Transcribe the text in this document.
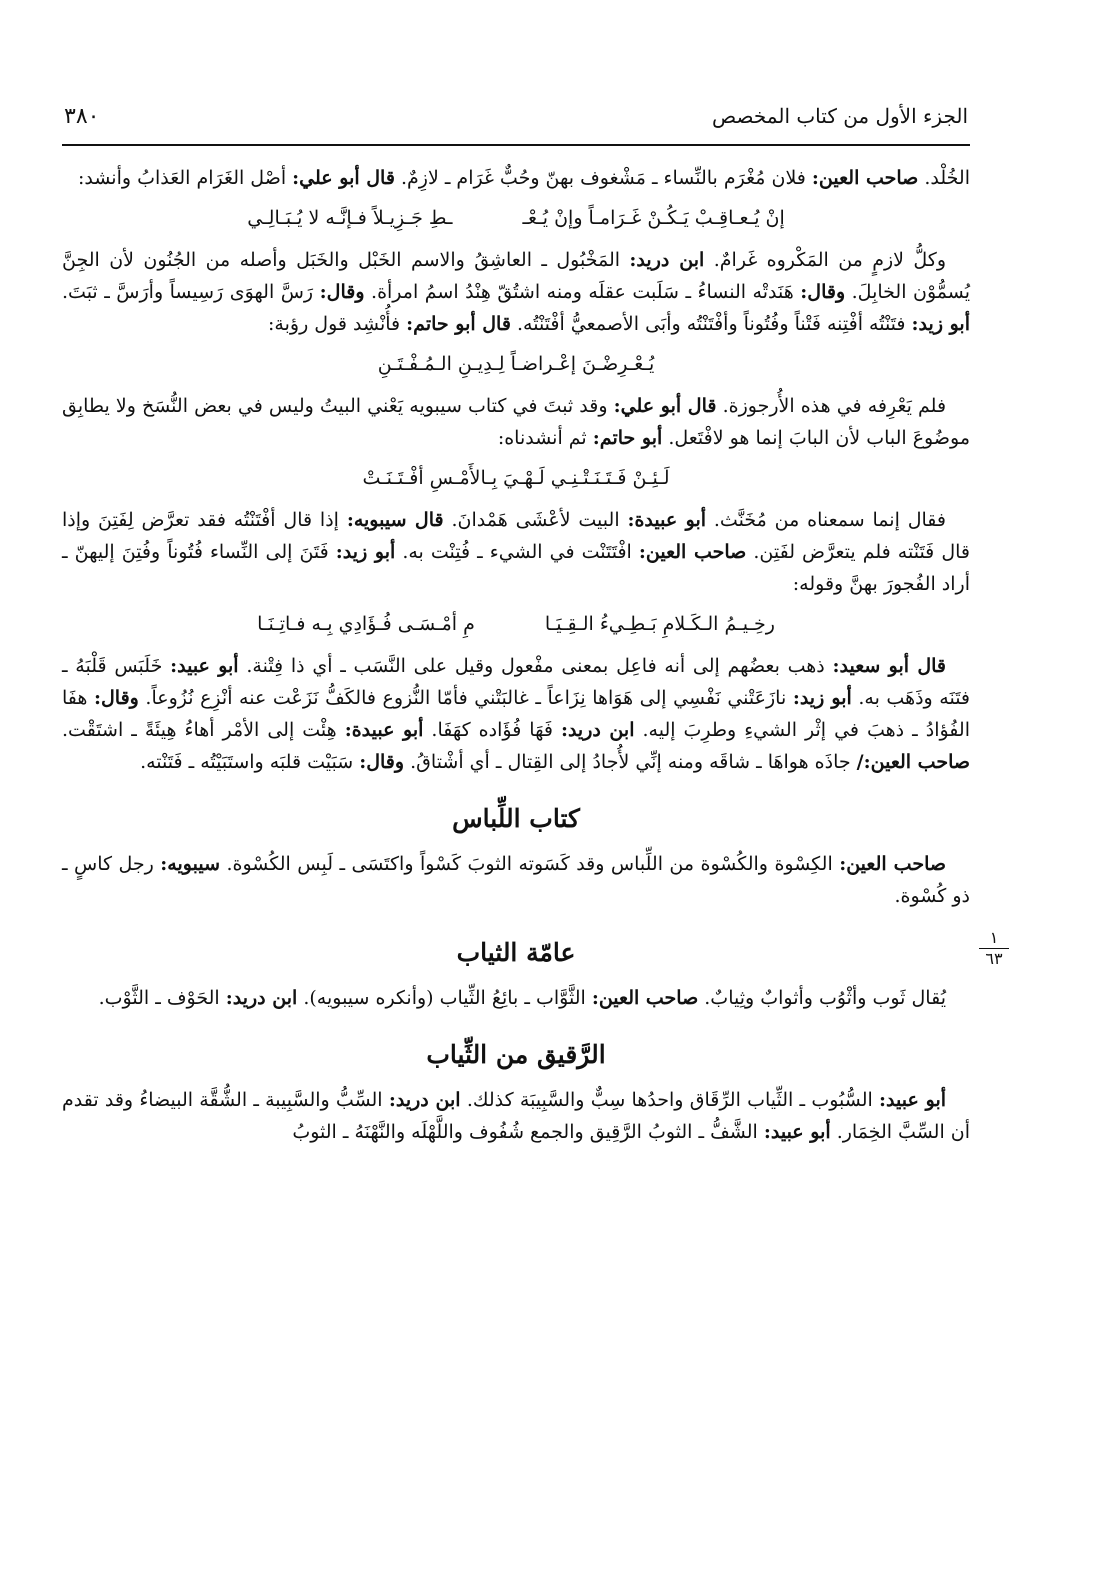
٣٨٠	الجزء الأول من كتاب المخصص
١
٦٣

الخُلْد. صاحب العين: فلان مُغْرَم بالنِّساء ـ مَشْغوف بهنّ وحُبٌّ غَرَام ـ لازِمٌ. قال أبو علي: أصْل الغَرَام العَذابُ وأنشد:

إنْ يُـعـاقِـبْ يَـكُـنْ غَـرَامـاً وإنْ يُـعْـ
ـطِ جَـزِيـلاً فـإنَّـه لا يُـبَـالِـي

وكلُّ لازمٍ من المَكْروه غَرامٌ. ابن دريد: المَخْبُول ـ العاشِقُ والاسم الخَبْل والخَبَل وأصله من الجُنُون لأن الجِنَّ يُسمُّوْن الخابِلَ. وقال: هَنَدتْه النساءُ ـ سَلَبت عقلَه ومنه اشتُقّ هِنْدُ اسمُ امرأة. وقال: رَسَّ الهوَى رَسِيساً وأرَسَّ ـ ثبَتَ. أبو زيد: فتَنْتُه أفْتِنه فَتْناً وفُتُوناً وأفْتَنْتُه وأبَى الأصمعيُّ أفْتَنْتُه. قال أبو حاتم: فأُنْشِد قول رؤبة:

يُـعْـرِضْـنَ إعْـراضـاً لِـدِيـنِ الـمُـفْـتَـنِ

فلم يَعْرِفه في هذه الأُرجوزة. قال أبو علي: وقد ثبتَ في كتاب سيبويه يَعْني البيتُ وليس في بعض النُّسَخ ولا يطابِق موضُوعَ الباب لأن البابَ إنما هو لافْتَعل. أبو حاتم: ثم أنشدناه:

لَـئِـنْ فَـتَـنَـتْـنِـي لَـهْـيَ بِـالأَمْـسِ أفْـتَـنَـتْ

فقال إنما سمعناه من مُخَنَّث. أبو عبيدة: البيت لأعْشَى هَمْدانَ. قال سيبويه: إذا قال أفْتَنْتُه فقد تعرَّض لِفَتِنَ وإذا قال فَتَنْته فلم يتعرَّض لفَتِن. صاحب العين: افْتَتَنْت في الشيء ـ فُتِنْت به. أبو زيد: فَتَنَ إلى النِّساء فُتُوناً وفُتِنَ إليهنّ ـ أراد الفُجورَ بهنَّ وقوله:

رخِـيـمُ الـكَـلامِ بَـطِـيءُ الـقِـيَـا
مِ أمْـسَـى فُـؤَادِي بِـه فـاتِـنَـا

قال أبو سعيد: ذهب بعضُهم إلى أنه فاعِل بمعنى مفْعول وقيل على النَّسَب ـ أي ذا فِتْنة. أبو عبيد: خَلَبَس قَلْبَهُ ـ فتَنَه وذَهَب به. أبو زيد: نازَعَتْني نَفْسِي إلى هَوَاها نِزَاعاً ـ غالبَتْني فأمّا النُّزوع فالكَفُّ نَزَعْت عنه أنْزِع نُزُوعاً. وقال: هفَا الفُؤادُ ـ ذهبَ في إثْر الشيءِ وطرِبَ إليه. ابن دريد: فَهَا فُؤَاده كهَفَا. أبو عبيدة: هِئْت إلى الأمْر أهاءُ هِيئَةً ـ اشتَقْت. صاحب العين:/ جاذَه هواهَا ـ شاقَه ومنه إنِّي لأُجادُ إلى القِتال ـ أي أشْتاقُ. وقال: سَبَيْت قلبَه واستَبَيْتُه ـ فَتَنْته.

كتاب اللِّباس

صاحب العين: الكِسْوة والكُسْوة من اللِّباس وقد كَسَوته الثوبَ كَسْواً واكتَسَى ـ لَبِس الكُسْوة. سيبويه: رجل كاسٍ ـ ذو كُسْوة.

عامّة الثياب

يُقال ثَوب وأثْوُب وأثوابٌ وثِيابٌ. صاحب العين: الثَّوَّاب ـ بائِعُ الثِّياب (وأنكره سيبويه). ابن دريد: الحَوْف ـ الثَّوْب.

الرَّقيق من الثِّياب

أبو عبيد: السُّبُوب ـ الثِّياب الرِّقَاق واحدُها سِبٌّ والسَّبِيبَة كذلك. ابن دريد: السِّبُّ والسَّبِيبة ـ الشُّقَّة البيضاءُ وقد تقدم أن السِّبَّ الخِمَار. أبو عبيد: الشَّفُّ ـ الثوبُ الرَّقِيق والجمع شُفُوف واللَّهْلَه والنَّهْنَهُ ـ الثوبُ
